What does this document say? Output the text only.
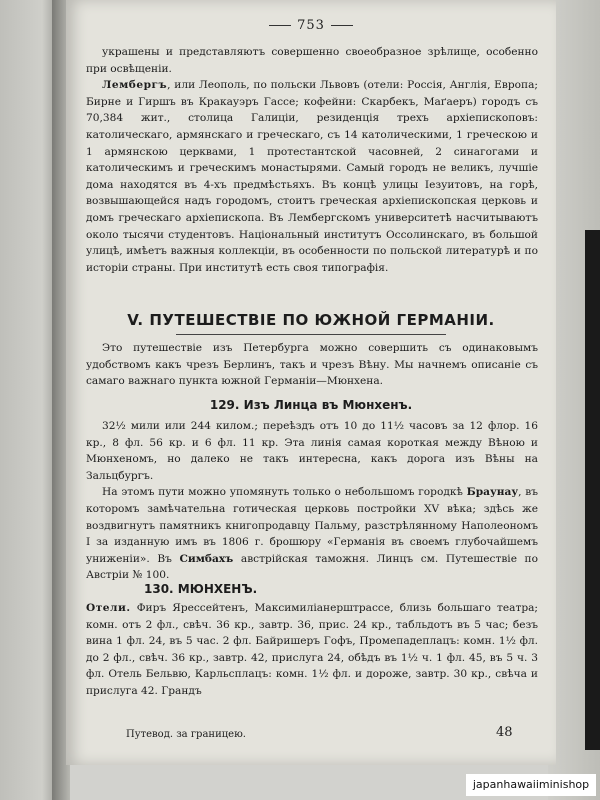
753

украшены и представляютъ совершенно своеобразное зрѣлище, особенно при освѣщеніи.

Лембергъ, или Леополь, по польски Львовъ (отели: Россія, Англія, Европа; Бирне и Гиршъ въ Кракауэръ Гассе; кофейни: Скарбекъ, Маґаеръ) городъ съ 70,384 жит., столица Галиціи, резиденція трехъ архіепископовъ: католическаго, армянскаго и греческаго, съ 14 католическими, 1 греческою и 1 армянскою церквами, 1 протестантской часовней, 2 синагогами и католическимъ и греческимъ монастырями. Самый городъ не великъ, лучшіе дома находятся въ 4-хъ предмѣстьяхъ. Въ концѣ улицы Іезуитовъ, на горѣ, возвышающейся надъ городомъ, стоитъ греческая архіепископская церковь и домъ греческаго архіепископа. Въ Лембергскомъ университетѣ насчитываютъ около тысячи студентовъ. Національный институтъ Оссолинскаго, въ большой улицѣ, имѣетъ важныя коллекціи, въ особенности по польской литературѣ и по исторіи страны. При институтѣ есть своя типографія.

V. ПУТЕШЕСТВІЕ ПО ЮЖНОЙ ГЕРМАНІИ.

Это путешествіе изъ Петербурга можно совершить съ одинаковымъ удобствомъ какъ чрезъ Берлинъ, такъ и чрезъ Вѣну. Мы начнемъ описаніе съ самаго важнаго пункта южной Германіи—Мюнхена.

129. Изъ Линца въ Мюнхенъ.

32½ мили или 244 килом.; переѣздъ отъ 10 до 11½ часовъ за 12 флор. 16 кр., 8 фл. 56 кр. и 6 фл. 11 кр. Эта линія самая короткая между Вѣною и Мюнхеномъ, но далеко не такъ интересна, какъ дорога изъ Вѣны на Зальцбургъ.

На этомъ пути можно упомянуть только о небольшомъ городкѣ Браунау, въ которомъ замѣчательна готическая церковь постройки XV вѣка; здѣсь же воздвигнутъ памятникъ книгопродавцу Пальму, разстрѣлянному Наполеономъ I за изданную имъ въ 1806 г. брошюру «Германія въ своемъ глубочайшемъ униженіи». Въ Симбахъ австрійская таможня. Линцъ см. Путешествіе по Австріи № 100.

130. МЮНХЕНЪ.

Отели. Фиръ Ярессейтенъ, Максимиліанерштрассе, близь большаго театра; комн. отъ 2 фл., свѣч. 36 кр., завтр. 36, прис. 24 кр., табльдотъ въ 5 час; безъ вина 1 фл. 24, въ 5 час. 2 фл. Байришеръ Гофъ, Промепадеплацъ: комн. 1½ фл. до 2 фл., свѣч. 36 кр., завтр. 42, прислуга 24, обѣдъ въ 1½ ч. 1 фл. 45, въ 5 ч. 3 фл. Отель Бельвю, Карльсплацъ: комн. 1½ фл. и дороже, завтр. 30 кр., свѣча и прислуга 42. Грандъ

Путевод. за границею.	48
japanhawaiiminishop
